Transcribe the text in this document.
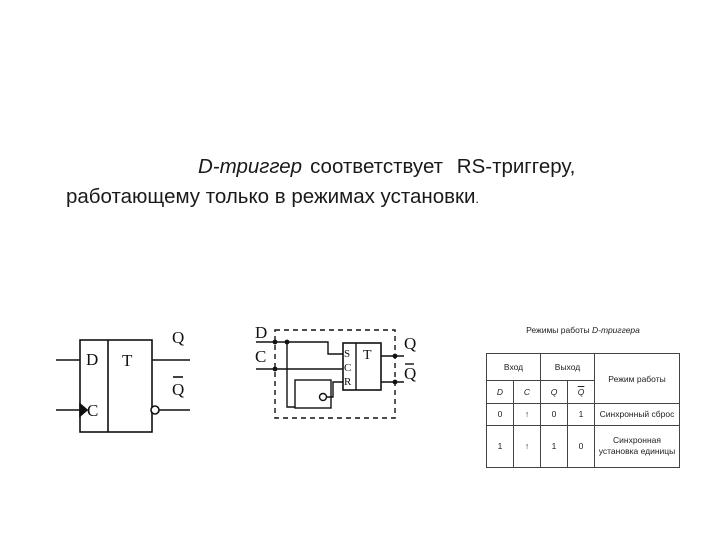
D-триггер соответствует RS-триггеру,
работающему только в режимах установки.
D
C
T
Q
Q
D
C	S
C
R
T
Q
Q
Режимы работы D-триггера
Вход		Выход		Режим работы
D	C	Q	$\overline{Q}$
0	↑	0	1	Синхронный сброс
1	↑	1	0	Синхронная установка единицы
